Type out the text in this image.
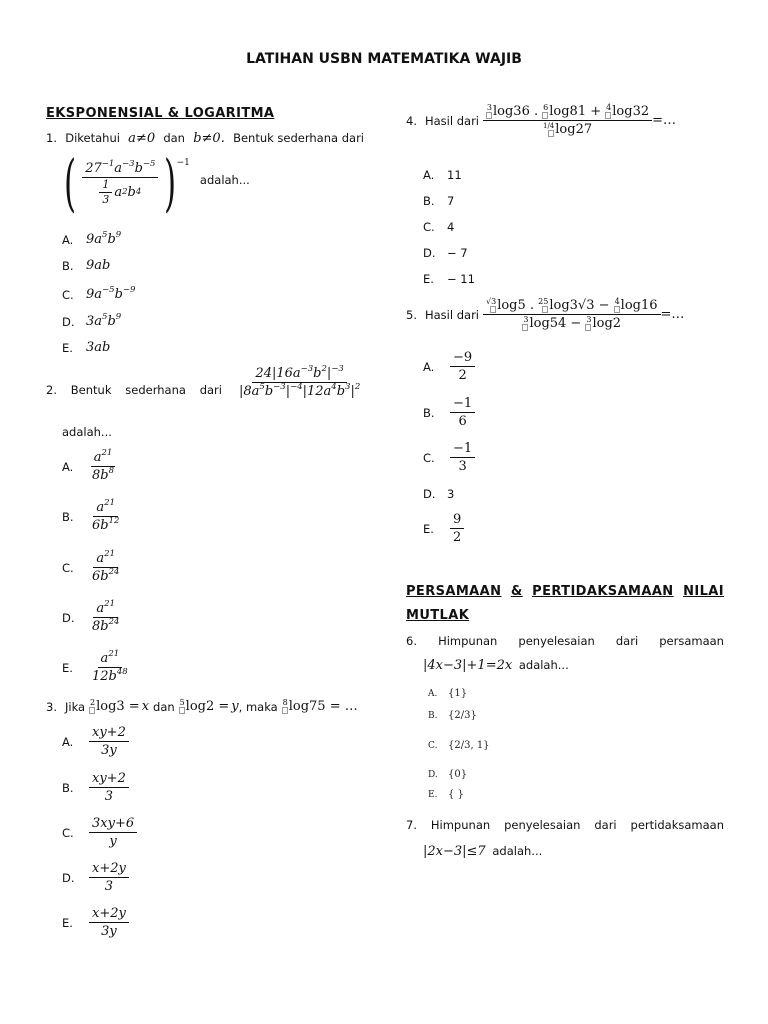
LATIHAN USBN MATEMATIKA WAJIB
EKSPONENSIAL & LOGARITMA
1. Diketahui a≠0 dan b≠0. Bentuk sederhana dari
( $\frac{27^{-1}a^{-3}b^{-5}}{\frac{1}{3} a 2 b 4}$ ) −1
adalah...
A. $9a^5b^9$
B. 9ab
C. $9a^{-5}b^{-9}$
D. $3a^5b^9$
E.	3ab
2. Bentuk sederhana dari $\frac{24|16a^{-3}b^2|^{-3}}{|8a^5b^{-3}|^{-4}|12a^4b^3|^2}$
adalah...
A.	$\frac{a^{21}}{8b^8}$
B.	$\frac{a^{21}}{6b^{12}}$
C.	$\frac{a^{21}}{6b^{24}}$
D.	$\frac{a^{21}}{8b^{24}}$
E.	$\frac{a^{21}}{12b^{48}}$
3. Jika 2 log3 = x dan 5 log2 = y , maka 8 log75 = …
A.	$\frac{xy+2}{3y}$
B.	$\frac{xy+2}{3}$
C.	$\frac{3xy+6}{y}$
D.	$\frac{x+2y}{3}$
E.	$\frac{x+2y}{3y}$
4. Hasil dari $\frac{3 \log 36 . 6 \log 81 + 4 \log 32}{1/4 \log 27}$ =…
A.	11
B.	7
C.	4
D. − 7
E.	− 11
5. Hasil dari $\frac{√3 \log 5 . 25 \log 3√3 - 4 \log 16}{3 \log 54 - 3 \log 2}$ =…
A.	$\frac{-9}{2}$
B.	$\frac{-1}{6}$
C.	$\frac{-1}{3}$
D. 3
E.	$\frac{9}{2}$
PERSAMAAN & PERTIDAKSAMAAN NILAI
MUTLAK
6. Himpunan penyelesaian dari persamaan
|4x−3|+1=2x adalah...
A. {1}
B. {2/3}
C. {2/3, 1}
D. {0}
E. { }
7. Himpunan penyelesaian dari pertidaksamaan
|2x−3|≤7 adalah...
